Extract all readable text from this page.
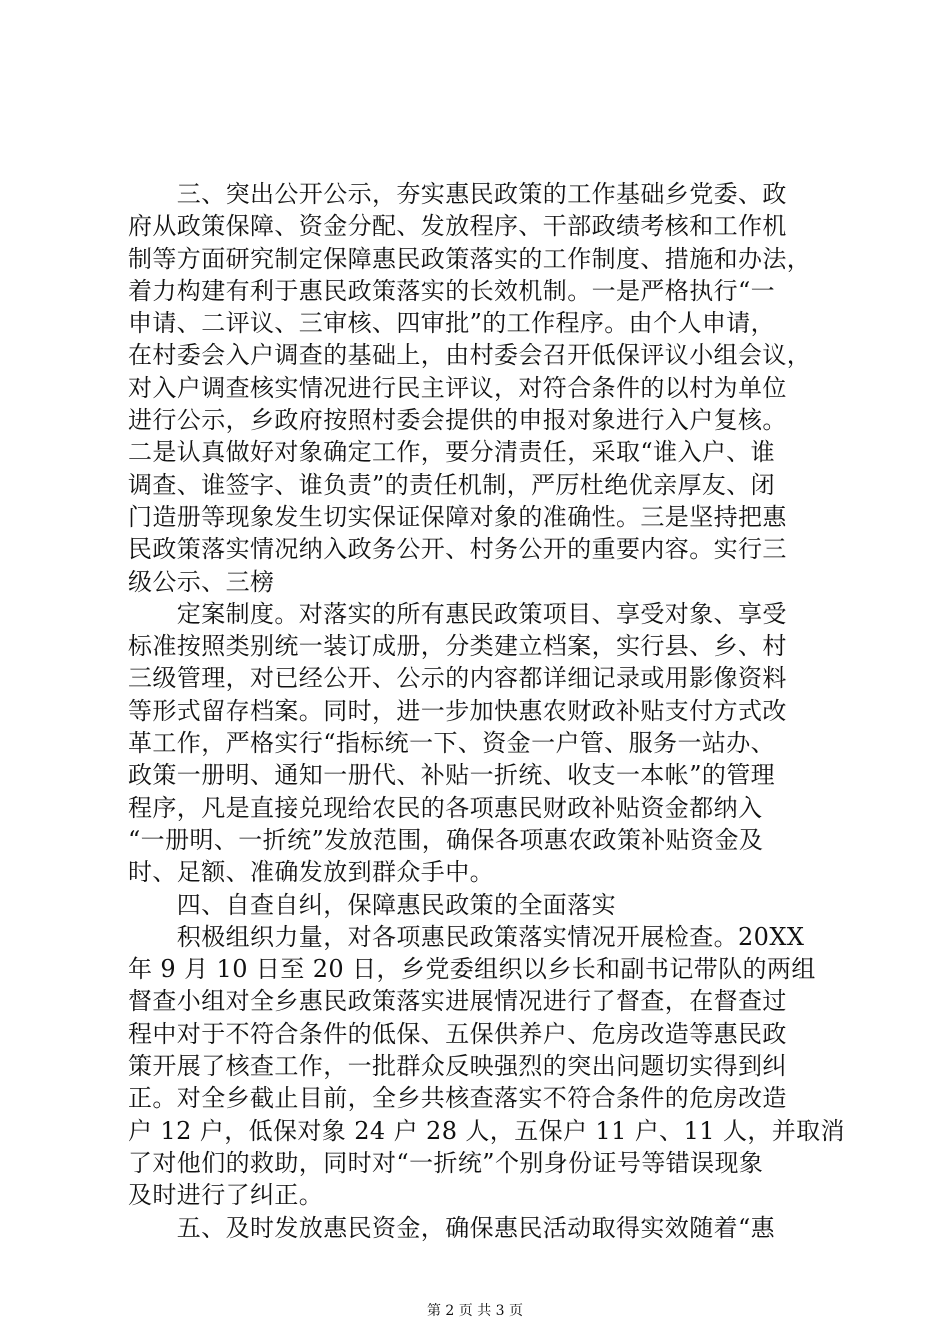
　　三、突出公开公示，夯实惠民政策的工作基础乡党委、政
府从政策保障、资金分配、发放程序、干部政绩考核和工作机
制等方面研究制定保障惠民政策落实的工作制度、措施和办法，
着力构建有利于惠民政策落实的长效机制。一是严格执行“一
申请、二评议、三审核、四审批”的工作程序。由个人申请，
在村委会入户调查的基础上，由村委会召开低保评议小组会议，
对入户调查核实情况进行民主评议，对符合条件的以村为单位
进行公示，乡政府按照村委会提供的申报对象进行入户复核。
二是认真做好对象确定工作，要分清责任，采取“谁入户、谁
调查、谁签字、谁负责”的责任机制，严厉杜绝优亲厚友、闭
门造册等现象发生切实保证保障对象的准确性。三是坚持把惠
民政策落实情况纳入政务公开、村务公开的重要内容。实行三
级公示、三榜
　　定案制度。对落实的所有惠民政策项目、享受对象、享受
标准按照类别统一装订成册，分类建立档案，实行县、乡、村
三级管理，对已经公开、公示的内容都详细记录或用影像资料
等形式留存档案。同时，进一步加快惠农财政补贴支付方式改
革工作，严格实行“指标统一下、资金一户管、服务一站办、
政策一册明、通知一册代、补贴一折统、收支一本帐”的管理
程序，凡是直接兑现给农民的各项惠民财政补贴资金都纳入
“一册明、一折统”发放范围，确保各项惠农政策补贴资金及
时、足额、准确发放到群众手中。
　　四、自查自纠，保障惠民政策的全面落实
　　积极组织力量，对各项惠民政策落实情况开展检查。20XX
年 9 月 10 日至 20 日，乡党委组织以乡长和副书记带队的两组
督查小组对全乡惠民政策落实进展情况进行了督查，在督查过
程中对于不符合条件的低保、五保供养户、危房改造等惠民政
策开展了核查工作，一批群众反映强烈的突出问题切实得到纠
正。对全乡截止目前，全乡共核查落实不符合条件的危房改造
户 12 户，低保对象 24 户 28 人，五保户 11 户、11 人，并取消
了对他们的救助，同时对“一折统”个别身份证号等错误现象
及时进行了纠正。
　　五、及时发放惠民资金，确保惠民活动取得实效随着“惠
第 2 页 共 3 页
